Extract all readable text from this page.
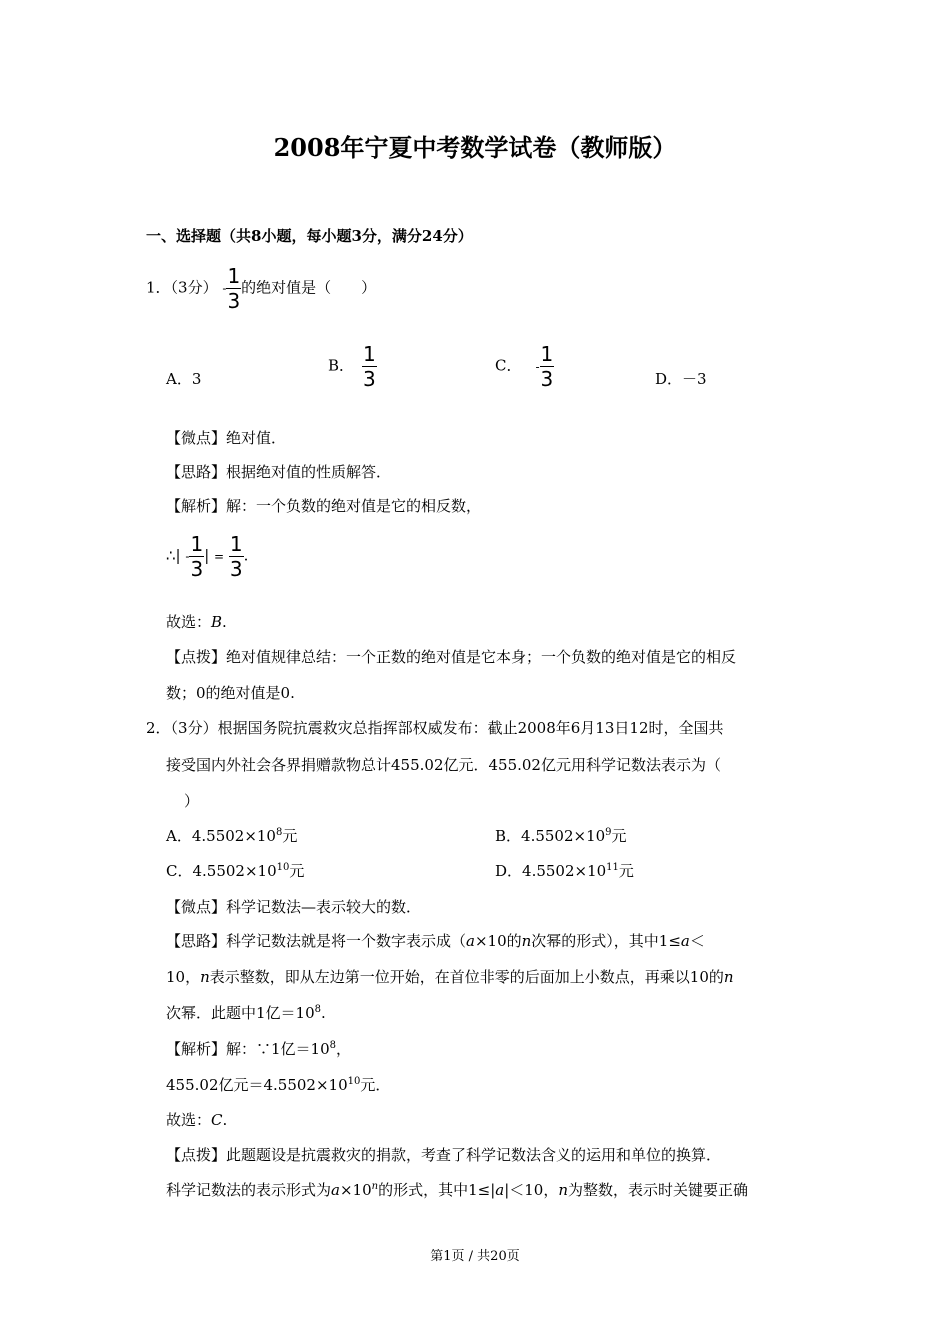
2008年宁夏中考数学试卷（教师版）
一、选择题（共8小题，每小题3分，满分24分）
1．（3分） - $\frac{1}{3}$ 的绝对值是（　　）
A．3
B． $\frac{1}{3}$	C． - $\frac{1}{3}$	D．－3
【微点】绝对值．
【思路】根据绝对值的性质解答．
【解析】解：一个负数的绝对值是它的相反数，
∴| - $\frac{1}{3}$ | = $\frac{1}{3}$ .
故选：B.
【点拨】绝对值规律总结：一个正数的绝对值是它本身；一个负数的绝对值是它的相反
数；0的绝对值是0.
2．（3分）根据国务院抗震救灾总指挥部权威发布：截止2008年6月13日12时，全国共
接受国内外社会各界捐赠款物总计455.02亿元．455.02亿元用科学记数法表示为（
）
A．$4.5502\times 10^8$元	B．$4.5502\times 10^9$元
C．$4.5502\times 10^{10}$元	D．$4.5502\times 10^{11}$元
【微点】科学记数法—表示较大的数．
【思路】科学记数法就是将一个数字表示成（a×10的n次幂的形式），其中1≤a＜
10，n表示整数，即从左边第一位开始，在首位非零的后面加上小数点，再乘以10的n
次幂．此题中1亿$=10^8$.
【解析】解：∵1亿$=10^8$，
455.02亿元$=4.5502\times 10^{10}$元．
故选：C.
【点拨】此题题设是抗震救灾的捐款，考查了科学记数法含义的运用和单位的换算．
科学记数法的表示形式为$a\times 10^n$的形式，其中1≤|a|＜10，n为整数，表示时关键要正确
第1页 / 共20页
